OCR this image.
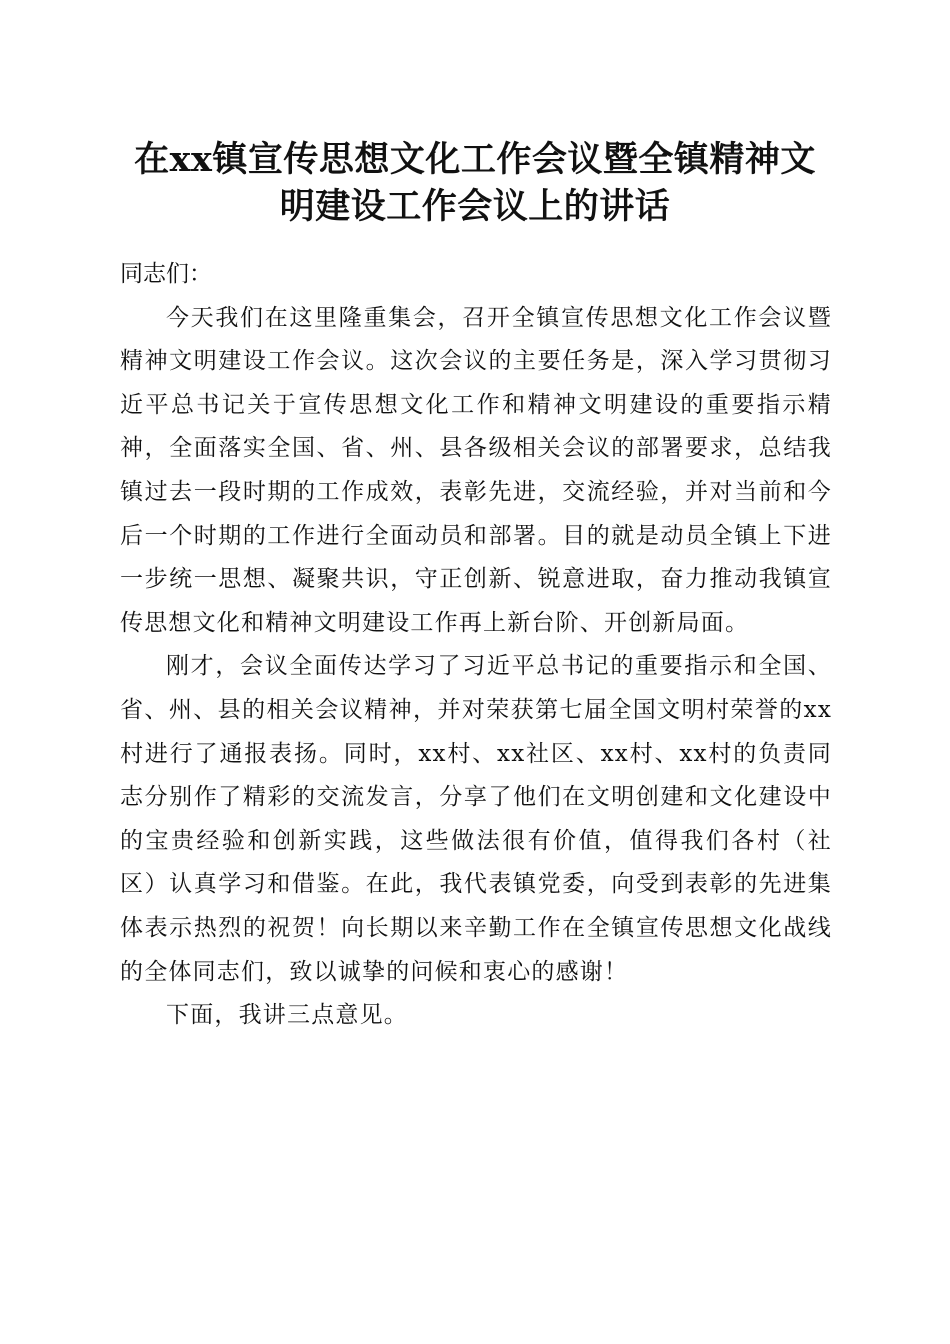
在xx镇宣传思想文化工作会议暨全镇精神文
明建设工作会议上的讲话

同志们：

今天我们在这里隆重集会，召开全镇宣传思想文化工作会议暨精神文明建设工作会议。这次会议的主要任务是，深入学习贯彻习近平总书记关于宣传思想文化工作和精神文明建设的重要指示精神，全面落实全国、省、州、县各级相关会议的部署要求，总结我镇过去一段时期的工作成效，表彰先进，交流经验，并对当前和今后一个时期的工作进行全面动员和部署。目的就是动员全镇上下进一步统一思想、凝聚共识，守正创新、锐意进取，奋力推动我镇宣传思想文化和精神文明建设工作再上新台阶、开创新局面。

刚才，会议全面传达学习了习近平总书记的重要指示和全国、省、州、县的相关会议精神，并对荣获第七届全国文明村荣誉的xx村进行了通报表扬。同时，xx村、xx社区、xx村、xx村的负责同志分别作了精彩的交流发言，分享了他们在文明创建和文化建设中的宝贵经验和创新实践，这些做法很有价值，值得我们各村（社区）认真学习和借鉴。在此，我代表镇党委，向受到表彰的先进集体表示热烈的祝贺！向长期以来辛勤工作在全镇宣传思想文化战线的全体同志们，致以诚挚的问候和衷心的感谢！

下面，我讲三点意见。
